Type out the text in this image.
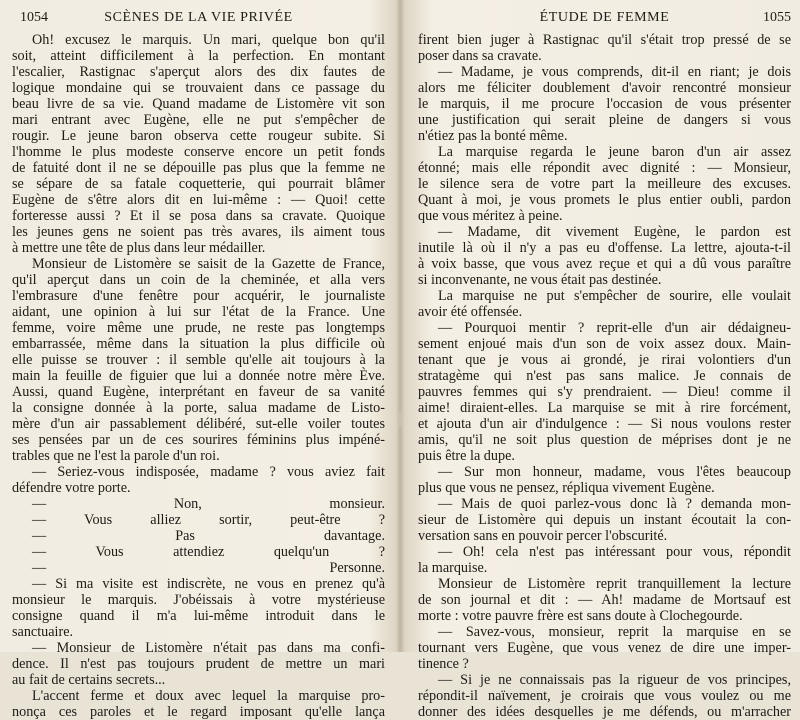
1054	SCÈNES DE LA VIE PRIVÉE
Oh! excusez le marquis. Un mari, quelque bon qu'il
soit, atteint difficilement à la perfection. En montant
l'escalier, Rastignac s'aperçut alors des dix fautes de
logique mondaine qui se trouvaient dans ce passage du
beau livre de sa vie. Quand madame de Listomère vit son
mari entrant avec Eugène, elle ne put s'empêcher de
rougir. Le jeune baron observa cette rougeur subite. Si
l'homme le plus modeste conserve encore un petit fonds
de fatuité dont il ne se dépouille pas plus que la femme ne
se sépare de sa fatale coquetterie, qui pourrait blâmer
Eugène de s'être alors dit en lui-même : — Quoi! cette
forteresse aussi ? Et il se posa dans sa cravate. Quoique
les jeunes gens ne soient pas très avares, ils aiment tous
à mettre une tête de plus dans leur médailler.
Monsieur de Listomère se saisit de la Gazette de France,
qu'il aperçut dans un coin de la cheminée, et alla vers
l'embrasure d'une fenêtre pour acquérir, le journaliste
aidant, une opinion à lui sur l'état de la France. Une
femme, voire même une prude, ne reste pas longtemps
embarrassée, même dans la situation la plus difficile où
elle puisse se trouver : il semble qu'elle ait toujours à la
main la feuille de figuier que lui a donnée notre mère Ève.
Aussi, quand Eugène, interprétant en faveur de sa vanité
la consigne donnée à la porte, salua madame de Listo-
mère d'un air passablement délibéré, sut-elle voiler toutes
ses pensées par un de ces sourires féminins plus impéné-
trables que ne l'est la parole d'un roi.
— Seriez-vous indisposée, madame ? vous aviez fait
défendre votre porte.
— Non, monsieur.
— Vous alliez sortir, peut-être ?
— Pas davantage.
— Vous attendiez quelqu'un ?
— Personne.
— Si ma visite est indiscrète, ne vous en prenez qu'à
monsieur le marquis. J'obéissais à votre mystérieuse
consigne quand il m'a lui-même introduit dans le
sanctuaire.
— Monsieur de Listomère n'était pas dans ma confi-
dence. Il n'est pas toujours prudent de mettre un mari
au fait de certains secrets...
L'accent ferme et doux avec lequel la marquise pro-
nonça ces paroles et le regard imposant qu'elle lança
ÉTUDE DE FEMME	1055
firent bien juger à Rastignac qu'il s'était trop pressé de se
poser dans sa cravate.
— Madame, je vous comprends, dit-il en riant; je dois
alors me féliciter doublement d'avoir rencontré monsieur
le marquis, il me procure l'occasion de vous présenter
une justification qui serait pleine de dangers si vous
n'étiez pas la bonté même.
La marquise regarda le jeune baron d'un air assez
étonné; mais elle répondit avec dignité : — Monsieur,
le silence sera de votre part la meilleure des excuses.
Quant à moi, je vous promets le plus entier oubli, pardon
que vous méritez à peine.
— Madame, dit vivement Eugène, le pardon est
inutile là où il n'y a pas eu d'offense. La lettre, ajouta-t-il
à voix basse, que vous avez reçue et qui a dû vous paraître
si inconvenante, ne vous était pas destinée.
La marquise ne put s'empêcher de sourire, elle voulait
avoir été offensée.
— Pourquoi mentir ? reprit-elle d'un air dédaigneu-
sement enjoué mais d'un son de voix assez doux. Main-
tenant que je vous ai grondé, je rirai volontiers d'un
stratagème qui n'est pas sans malice. Je connais de
pauvres femmes qui s'y prendraient. — Dieu! comme il
aime! diraient-elles. La marquise se mit à rire forcément,
et ajouta d'un air d'indulgence : — Si nous voulons rester
amis, qu'il ne soit plus question de méprises dont je ne
puis être la dupe.
— Sur mon honneur, madame, vous l'êtes beaucoup
plus que vous ne pensez, répliqua vivement Eugène.
— Mais de quoi parlez-vous donc là ? demanda mon-
sieur de Listomère qui depuis un instant écoutait la con-
versation sans en pouvoir percer l'obscurité.
— Oh! cela n'est pas intéressant pour vous, répondit
la marquise.
Monsieur de Listomère reprit tranquillement la lecture
de son journal et dit : — Ah! madame de Mortsauf est
morte : votre pauvre frère est sans doute à Clochegourde.
— Savez-vous, monsieur, reprit la marquise en se
tournant vers Eugène, que vous venez de dire une imper-
tinence ?
— Si je ne connaissais pas la rigueur de vos principes,
répondit-il naïvement, je croirais que vous voulez ou me
donner des idées desquelles je me défends, ou m'arracher
